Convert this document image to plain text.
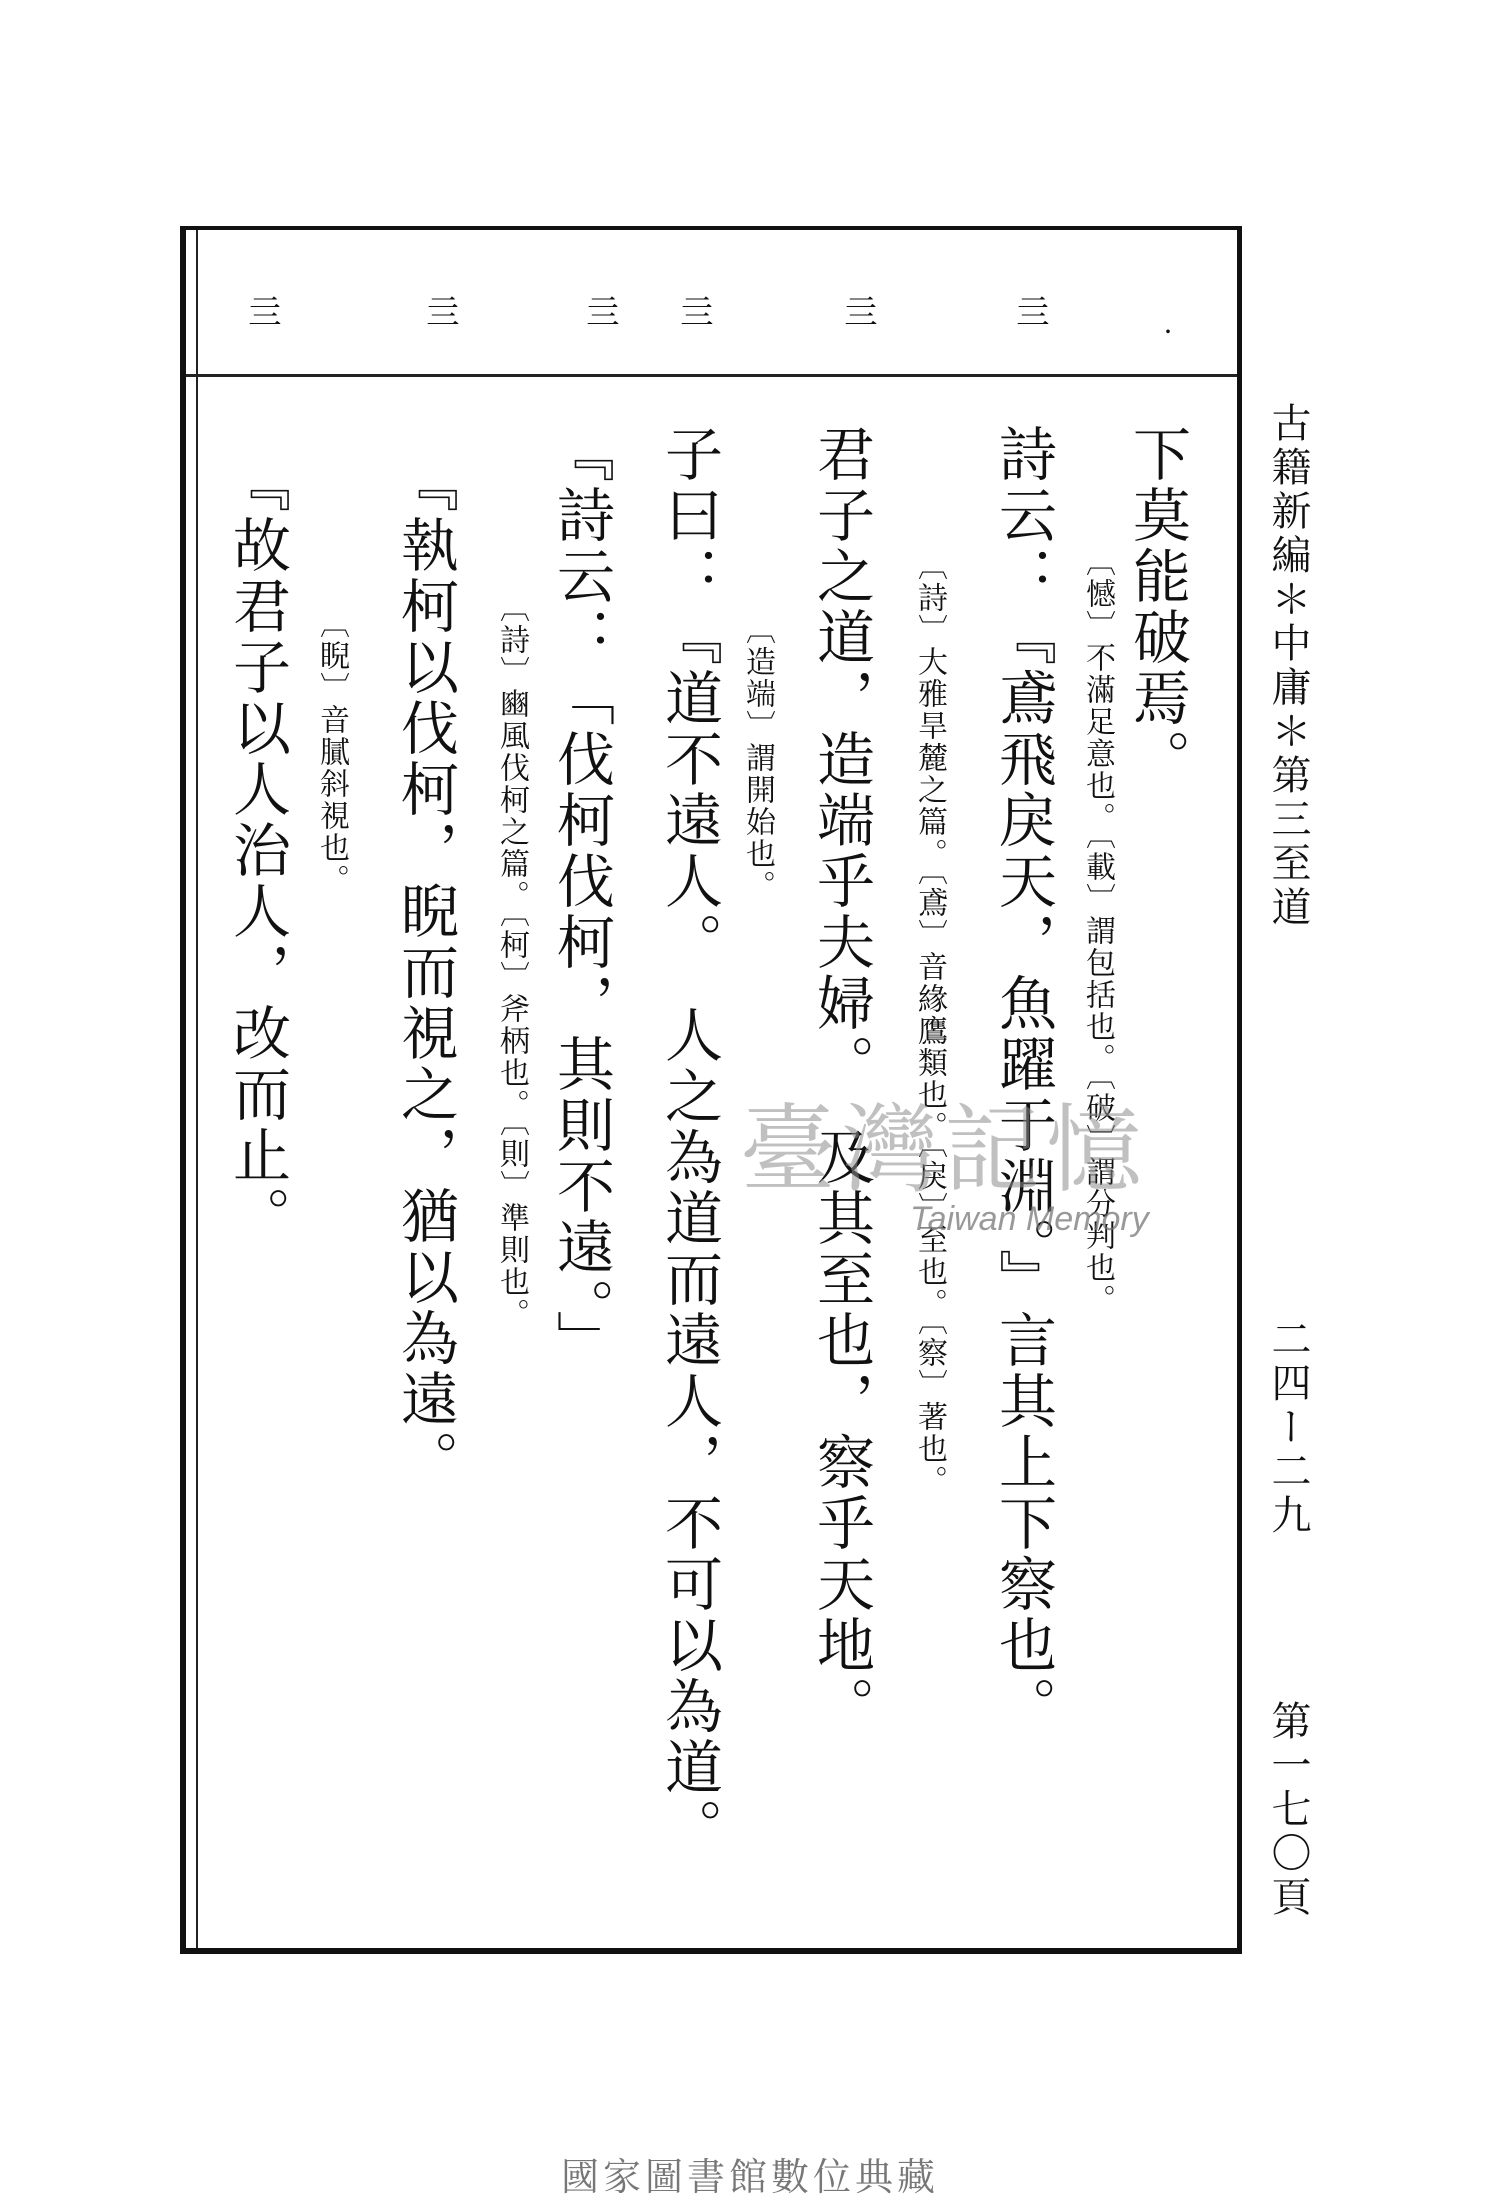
亖	亖	亖 亖	亖	亖	・
下莫能破焉。
〔憾〕不滿足意也。〔載〕謂包括也。〔破〕謂分判也。
詩云：『鳶飛戾天，魚躍于淵。』言其上下察也。
〔詩〕大雅旱麓之篇。〔鳶〕音緣鷹類也。〔戾〕至也。〔察〕著也。
君子之道，造端乎夫婦。　及其至也，察乎天地。
〔造端〕謂開始也。
子曰：『道不遠人。　人之為道而遠人，不可以為道。
『詩云：「伐柯伐柯，其則不遠。」
〔詩〕豳風伐柯之篇。〔柯〕斧柄也。〔則〕準則也。
『執柯以伐柯，睨而視之，猶以為遠。
〔睨〕音膩斜視也。
『故君子以人治人，改而止。	古籍新編＊中庸＊第三至道
二四ー二九
第一七〇頁
臺灣記憶
Taiwan Memory
國家圖書館數位典藏
